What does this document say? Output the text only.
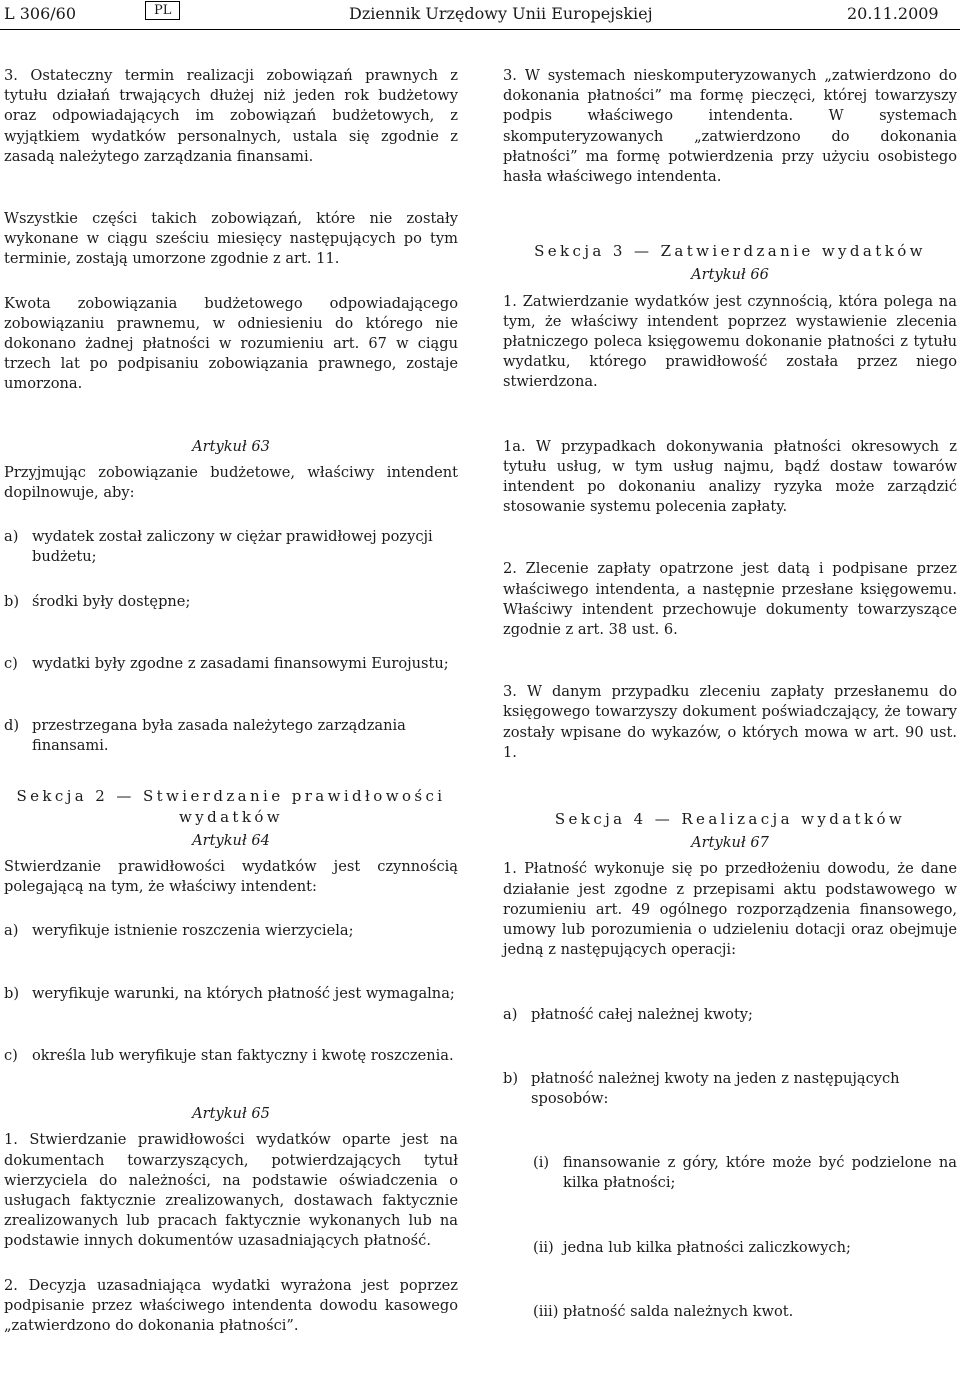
L 306/60	PL	Dziennik Urzędowy Unii Europejskiej	20.11.2009

3. Ostateczny termin realizacji zobowiązań prawnych z tytułu działań trwających dłużej niż jeden rok budżetowy oraz odpowiadających im zobowiązań budżetowych, z wyjątkiem wydatków personalnych, ustala się zgodnie z zasadą należytego zarządzania finansami.

Wszystkie części takich zobowiązań, które nie zostały wykonane w ciągu sześciu miesięcy następujących po tym terminie, zostają umorzone zgodnie z art. 11.

Kwota zobowiązania budżetowego odpowiadającego zobowiązaniu prawnemu, w odniesieniu do którego nie dokonano żadnej płatności w rozumieniu art. 67 w ciągu trzech lat po podpisaniu zobowiązania prawnego, zostaje umorzona.

Artykuł 63

Przyjmując zobowiązanie budżetowe, właściwy intendent dopilnowuje, aby:

a) wydatek został zaliczony w ciężar prawidłowej pozycji budżetu;
b) środki były dostępne;
c) wydatki były zgodne z zasadami finansowymi Eurojustu;
d) przestrzegana była zasada należytego zarządzania finansami.

Sekcja 2 — Stwierdzanie prawidłowości wydatków

Artykuł 64

Stwierdzanie prawidłowości wydatków jest czynnością polegającą na tym, że właściwy intendent:

a) weryfikuje istnienie roszczenia wierzyciela;
b) weryfikuje warunki, na których płatność jest wymagalna;
c) określa lub weryfikuje stan faktyczny i kwotę roszczenia.

Artykuł 65

1. Stwierdzanie prawidłowości wydatków oparte jest na dokumentach towarzyszących, potwierdzających tytuł wierzyciela do należności, na podstawie oświadczenia o usługach faktycznie zrealizowanych, dostawach faktycznie zrealizowanych lub pracach faktycznie wykonanych lub na podstawie innych dokumentów uzasadniających płatność.

2. Decyzja uzasadniająca wydatki wyrażona jest poprzez podpisanie przez właściwego intendenta dowodu kasowego „zatwierdzono do dokonania płatności”.

3. W systemach nieskomputeryzowanych „zatwierdzono do dokonania płatności” ma formę pieczęci, której towarzyszy podpis właściwego intendenta. W systemach skomputeryzowanych „zatwierdzono do dokonania płatności” ma formę potwierdzenia przy użyciu osobistego hasła właściwego intendenta.

Sekcja 3 — Zatwierdzanie wydatków

Artykuł 66

1. Zatwierdzanie wydatków jest czynnością, która polega na tym, że właściwy intendent poprzez wystawienie zlecenia płatniczego poleca księgowemu dokonanie płatności z tytułu wydatku, którego prawidłowość została przez niego stwierdzona.

1a. W przypadkach dokonywania płatności okresowych z tytułu usług, w tym usług najmu, bądź dostaw towarów intendent po dokonaniu analizy ryzyka może zarządzić stosowanie systemu polecenia zapłaty.

2. Zlecenie zapłaty opatrzone jest datą i podpisane przez właściwego intendenta, a następnie przesłane księgowemu. Właściwy intendent przechowuje dokumenty towarzyszące zgodnie z art. 38 ust. 6.

3. W danym przypadku zleceniu zapłaty przesłanemu do księgowego towarzyszy dokument poświadczający, że towary zostały wpisane do wykazów, o których mowa w art. 90 ust. 1.

Sekcja 4 — Realizacja wydatków

Artykuł 67

1. Płatność wykonuje się po przedłożeniu dowodu, że dane działanie jest zgodne z przepisami aktu podstawowego w rozumieniu art. 49 ogólnego rozporządzenia finansowego, umowy lub porozumienia o udzieleniu dotacji oraz obejmuje jedną z następujących operacji:

a) płatność całej należnej kwoty;
b) płatność należnej kwoty na jeden z następujących sposobów:
(i) finansowanie z góry, które może być podzielone na kilka płatności;
(ii) jedna lub kilka płatności zaliczkowych;
(iii) płatność salda należnych kwot.
